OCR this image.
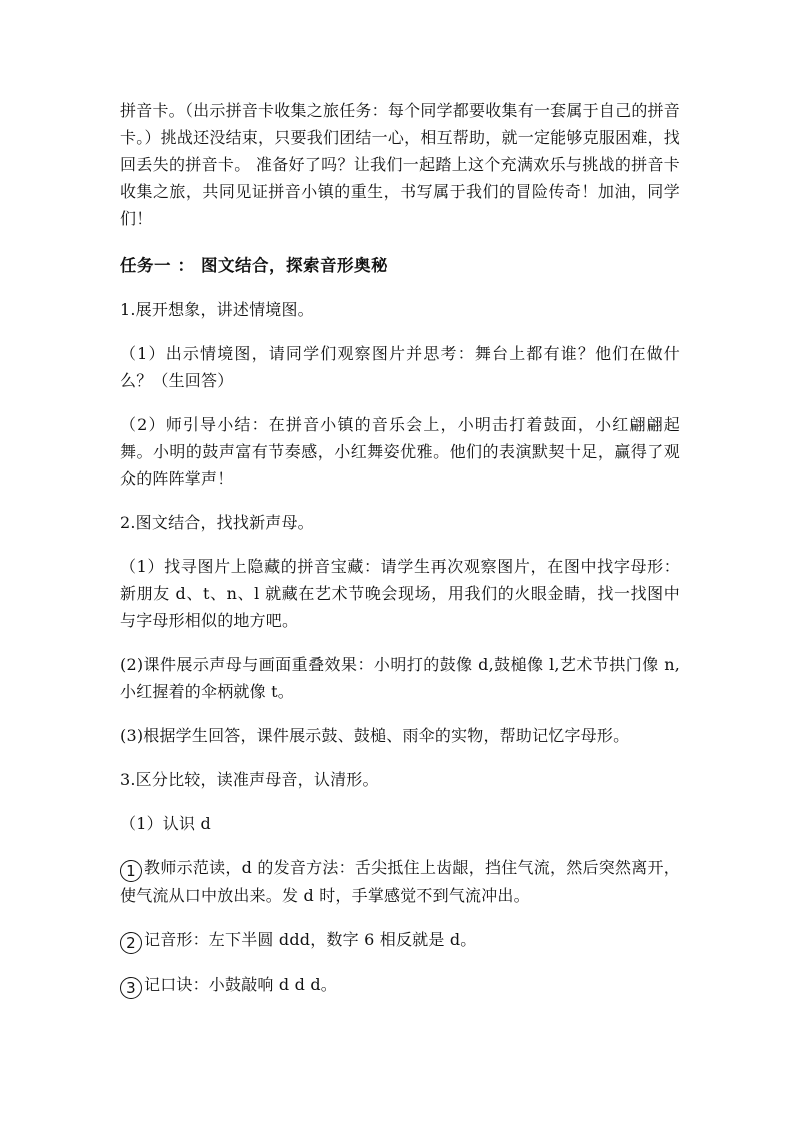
拼音卡。（出示拼音卡收集之旅任务：每个同学都要收集有一套属于自己的拼音卡。）挑战还没结束，只要我们团结一心，相互帮助，就一定能够克服困难，找回丢失的拼音卡。 准备好了吗？让我们一起踏上这个充满欢乐与挑战的拼音卡收集之旅，共同见证拼音小镇的重生，书写属于我们的冒险传奇！加油，同学们！

任务一 ： 图文结合，探索音形奥秘

1.展开想象，讲述情境图。

（1）出示情境图，请同学们观察图片并思考：舞台上都有谁？他们在做什么？（生回答）

（2）师引导小结：在拼音小镇的音乐会上，小明击打着鼓面，小红翩翩起舞。小明的鼓声富有节奏感，小红舞姿优雅。他们的表演默契十足，赢得了观众的阵阵掌声！

2.图文结合，找找新声母。

（1）找寻图片上隐藏的拼音宝藏：请学生再次观察图片，在图中找字母形：新朋友 d、t、n、l 就藏在艺术节晚会现场，用我们的火眼金睛，找一找图中与字母形相似的地方吧。

(2)课件展示声母与画面重叠效果：小明打的鼓像 d,鼓槌像 l,艺术节拱门像 n,小红握着的伞柄就像 t。

(3)根据学生回答，课件展示鼓、鼓槌、雨伞的实物，帮助记忆字母形。

3.区分比较，读准声母音，认清形。

（1）认识 d

1 教师示范读，d 的发音方法：舌尖抵住上齿龈，挡住气流，然后突然离开，使气流从口中放出来。发 d 时，手掌感觉不到气流冲出。

2 记音形：左下半圆 ddd，数字 6 相反就是 d。

3 记口诀：小鼓敲响 d d d。
